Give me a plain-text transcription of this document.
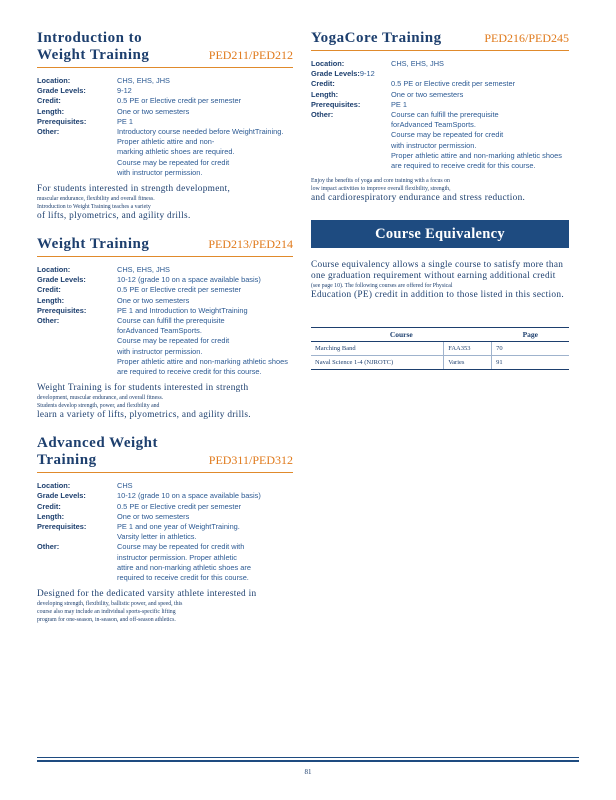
Introduction to
Weight Training	PED211/PED212
Location:	CHS, EHS, JHS
Grade Levels:	9-12
Credit:	0.5 PE or Elective credit per semester
Length:	One or two semesters
Prerequisites:	PE 1
Other:	Introductory course needed before WeightTraining.
Proper athletic attire and non-
marking athletic shoes are required.
Course may be repeated for credit
with instructor permission.
For students interested in strength development,
muscular endurance, flexibility and overall fitness.
Introduction to Weight Training teaches a variety
of lifts, plyometrics, and agility drills.
Weight Training	PED213/PED214
Location:	CHS, EHS, JHS
Grade Levels:	10-12 (grade 10 on a space available basis)
Credit:	0.5 PE or Elective credit per semester
Length:	One or two semesters
Prerequisites:	PE 1 and Introduction to WeightTraining
Other:	Course can fulfill the prerequisite
forAdvanced TeamSports.
Course may be repeated for credit
with instructor permission.
Proper athletic attire and non-marking athletic shoes
are required to receive credit for this course.
Weight Training is for students interested in strength
development, muscular endurance, and overall fitness.
Students develop strength, power, and flexibility and
learn a variety of lifts, plyometrics, and agility drills.
Advanced Weight Training	PED311/PED312
Location:	CHS
Grade Levels:	10-12 (grade 10 on a space available basis)
Credit:	0.5 PE or Elective credit per semester
Length:	One or two semesters
Prerequisites:	PE 1 and one year of WeightTraining.
Varsity letter in athletics.
Other:	Course may be repeated for credit with
instructor permission. Proper athletic
attire and non-marking athletic shoes are
required to receive credit for this course.
Designed for the dedicated varsity athlete interested in
developing strength, flexibility, ballistic power, and speed, this
course also may include an individual sports-specific lifting
program for one-season, in-season, and off-season athletics.
YogaCore Training	PED216/PED245
Location:	CHS, EHS, JHS
Grade Levels: 9-12
Credit:	0.5 PE or Elective credit per semester
Length:	One or two semesters
Prerequisites:	PE 1
Other:	Course can fulfill the prerequisite
forAdvanced TeamSports.
Course may be repeated for credit
with instructor permission.
Proper athletic attire and non-marking athletic shoes
are required to receive credit for this course.
Enjoy the benefits of yoga and core training with a focus on
low impact activities to improve overall flexibility, strength,
and cardiorespiratory endurance and stress reduction.
Course Equivalency
Course equivalency allows a single course to satisfy more than
one graduation requirement without earning additional credit
(see page 10). The following courses are offered for Physical
Education (PE) credit in addition to those listed in this section.
Course		Page
Marching Band	FAA353	70
Naval Science 1-4 (NJROTC)	Varies	91
81
